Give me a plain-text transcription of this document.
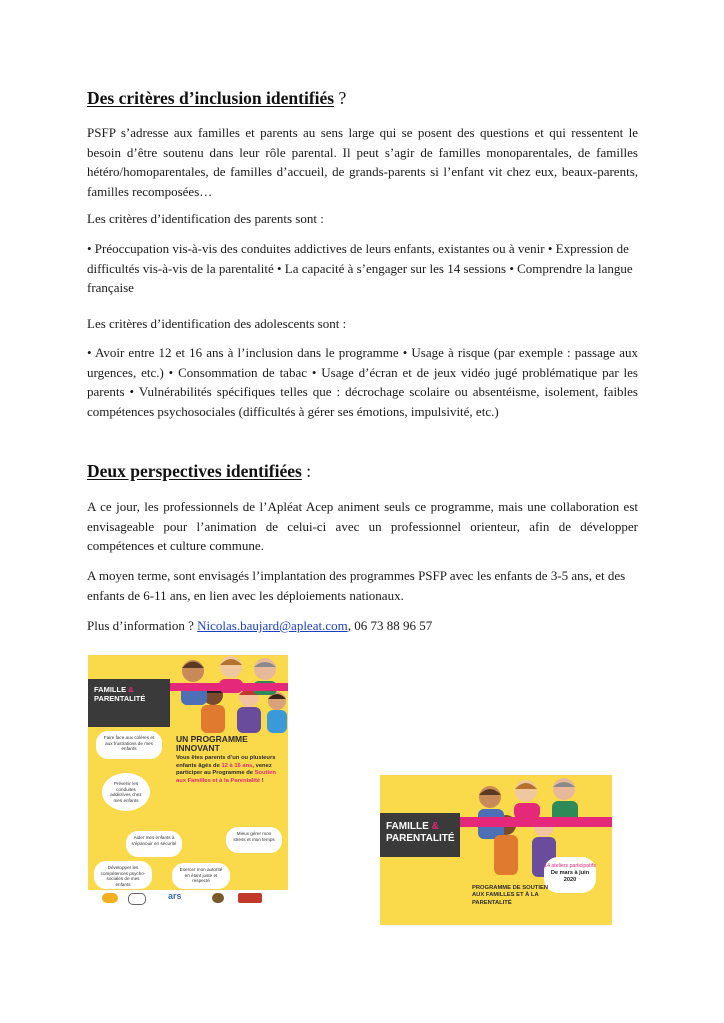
Des critères d’inclusion identifiés ?

PSFP s’adresse aux familles et parents au sens large qui se posent des questions et qui ressentent le besoin d’être soutenu dans leur rôle parental. Il peut s’agir de familles monoparentales, de familles hétéro/homoparentales, de familles d’accueil, de grands-parents si l’enfant vit chez eux, beaux-parents, familles recomposées…

Les critères d’identification des parents sont :

• Préoccupation vis-à-vis des conduites addictives de leurs enfants, existantes ou à venir • Expression de difficultés vis-à-vis de la parentalité • La capacité à s’engager sur les 14 sessions • Comprendre la langue française

Les critères d’identification des adolescents sont :

• Avoir entre 12 et 16 ans à l’inclusion dans le programme • Usage à risque (par exemple : passage aux urgences, etc.) • Consommation de tabac • Usage d’écran et de jeux vidéo jugé problématique par les parents • Vulnérabilités spécifiques telles que : décrochage scolaire ou absentéisme, isolement, faibles compétences psychosociales (difficultés à gérer ses émotions, impulsivité, etc.)

Deux perspectives identifiées :

A ce jour, les professionnels de l’Apléat Acep animent seuls ce programme, mais une collaboration est envisageable pour l’animation de celui-ci avec un professionnel orienteur, afin de développer compétences et culture commune.

A moyen terme, sont envisagés l’implantation des programmes PSFP avec les enfants de 3-5 ans, et des enfants de 6-11 ans, en lien avec les déploiements nationaux.

Plus d’information ? Nicolas.baujard@apleat.com, 06 73 88 96 57

FAMILLE &
PARENTALITÉ
Faire face aux colères et aux frustrations de mes enfants
Prévenir les conduites addictives chez mes enfants
Aider mes enfants à s’épanouir en sécurité
Mieux gérer mon stress et mon temps
Développer les compétences psycho-sociales de mes enfants
Exercer mon autorité en étant juste et respecté
UN PROGRAMME
INNOVANT
Vous êtes parents d’un ou plusieurs enfants âgés de 12 à 16 ans, venez participer au Programme de Soutien aux Familles et à la Parentalité !
ars
FAMILLE &
PARENTALITÉ
14 ateliers participatifs
De mars à juin 2020
PROGRAMME DE SOUTIEN
AUX FAMILLES ET À LA
PARENTALITÉ
